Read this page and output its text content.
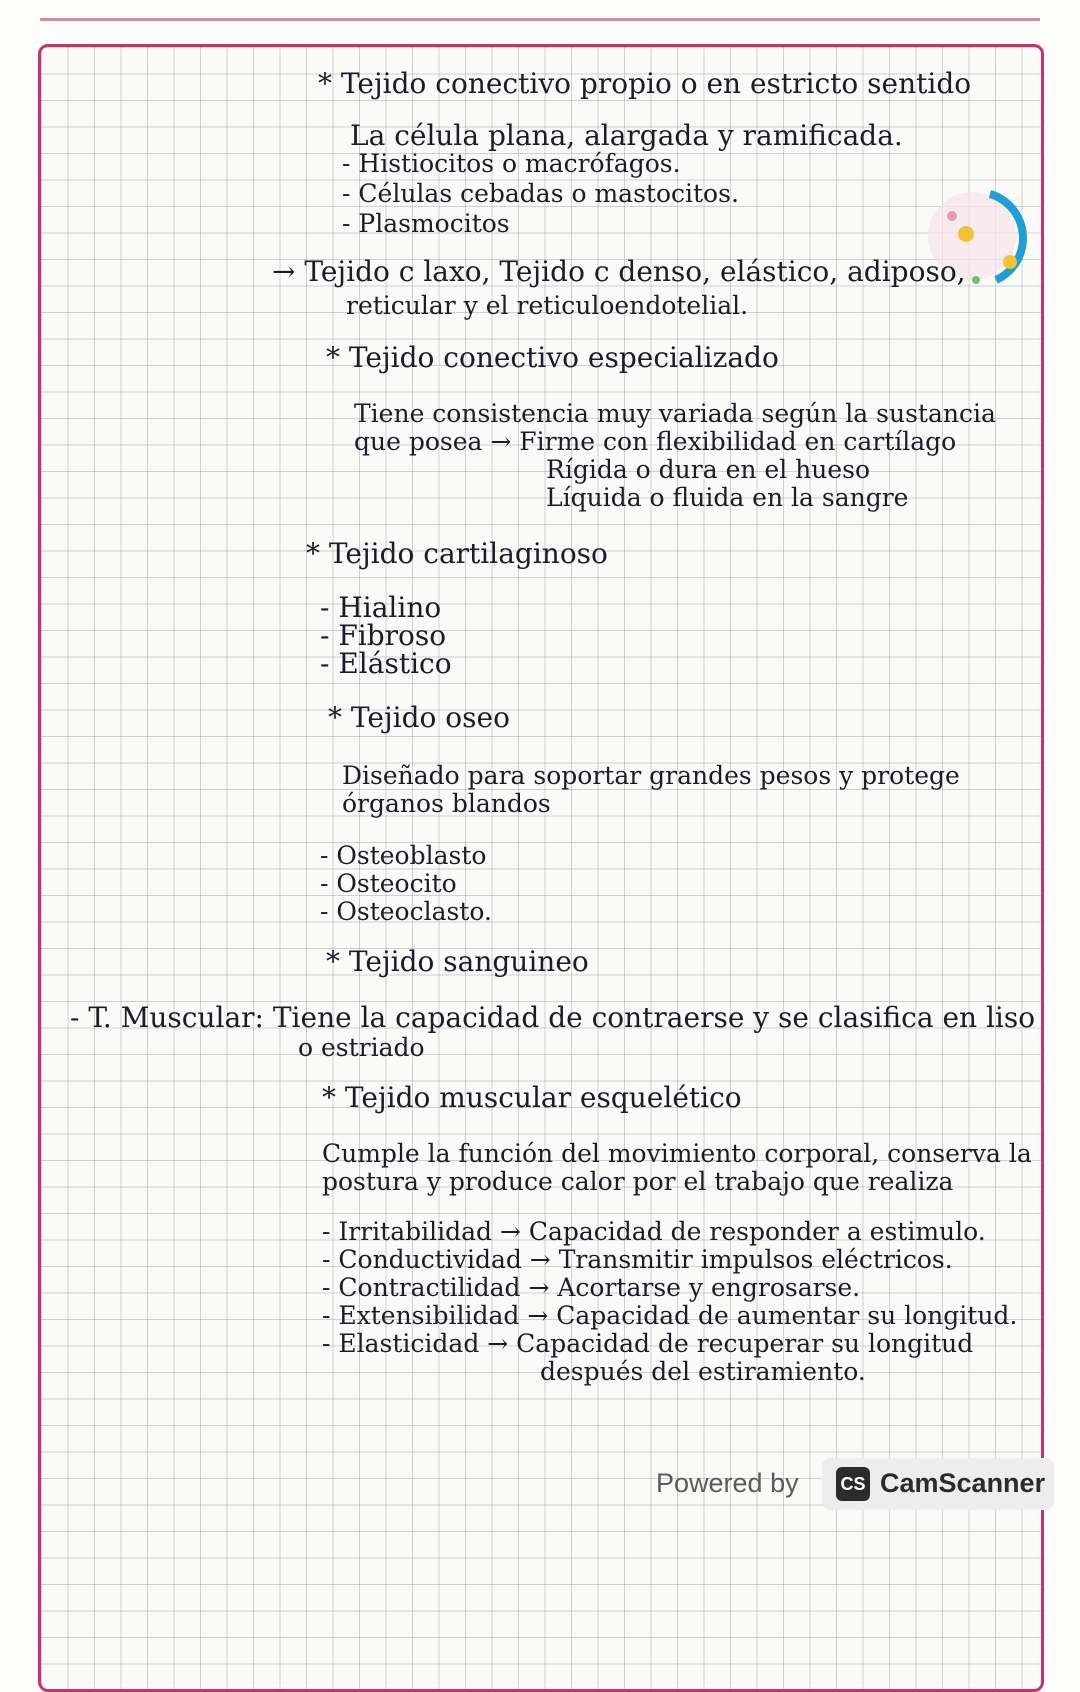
* Tejido conectivo propio o en estricto sentido
La célula plana, alargada y ramificada.
- Histiocitos o macrófagos.
- Células cebadas o mastocitos.
- Plasmocitos
→ Tejido c laxo, Tejido c denso, elástico, adiposo,
reticular y el reticuloendotelial.
* Tejido conectivo especializado
Tiene consistencia muy variada según la sustancia
que posea → Firme con flexibilidad en cartílago
Rígida o dura en el hueso
Líquida o fluida en la sangre
* Tejido cartilaginoso
- Hialino
- Fibroso
- Elástico
* Tejido oseo
Diseñado para soportar grandes pesos y protege
órganos blandos
- Osteoblasto
- Osteocito
- Osteoclasto.
* Tejido sanguineo
- T. Muscular: Tiene la capacidad de contraerse y se clasifica en liso
o estriado
* Tejido muscular esquelético
Cumple la función del movimiento corporal, conserva la
postura y produce calor por el trabajo que realiza
- Irritabilidad → Capacidad de responder a estimulo.
- Conductividad → Transmitir impulsos eléctricos.
- Contractilidad → Acortarse y engrosarse.
- Extensibilidad → Capacidad de aumentar su longitud.
- Elasticidad → Capacidad de recuperar su longitud
después del estiramiento.
Powered by CS CamScanner
